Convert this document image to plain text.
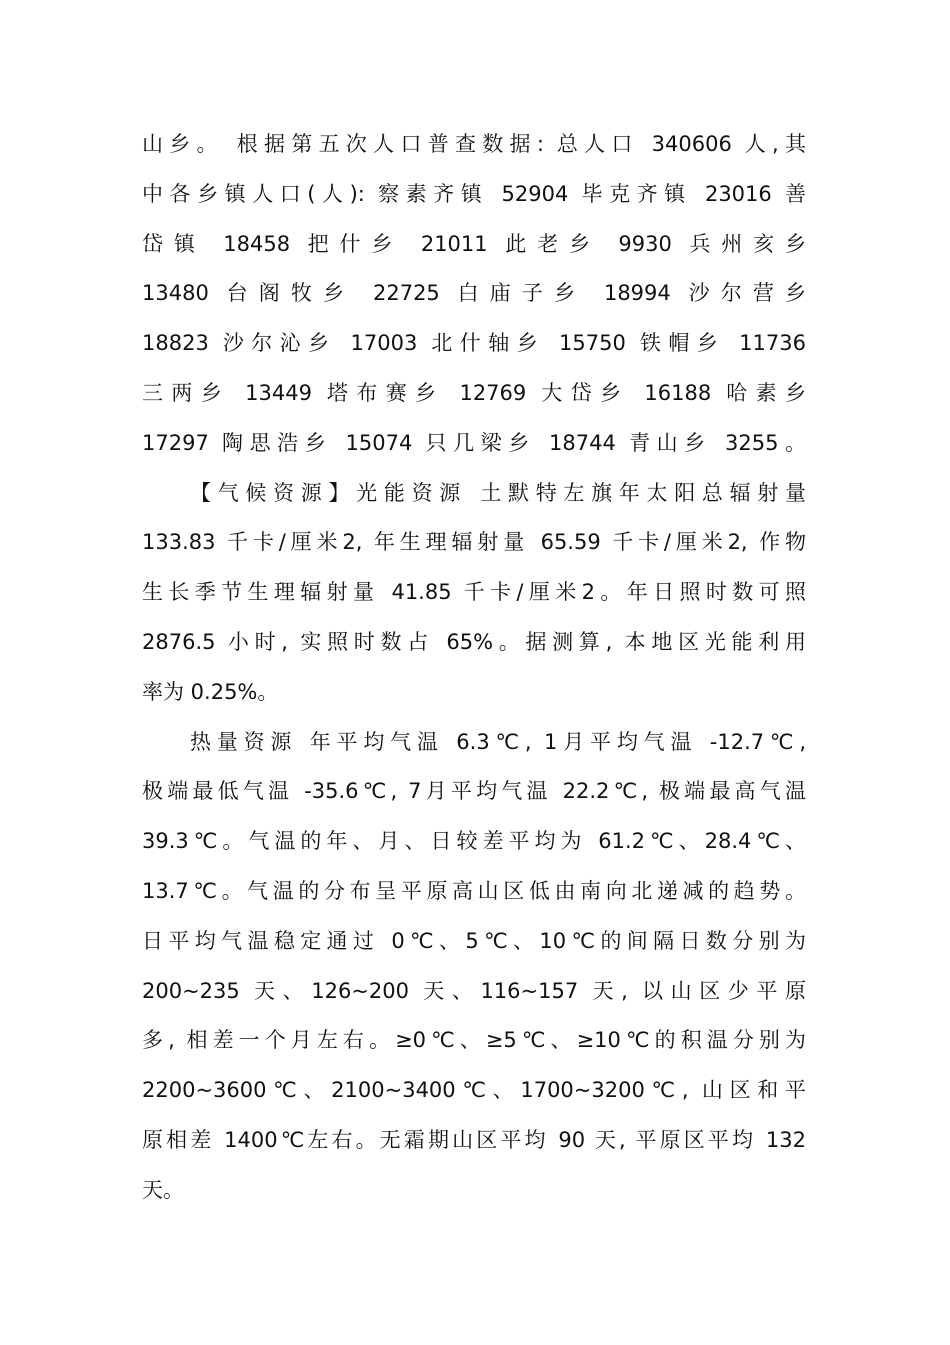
山乡。 根据第五次人口普查数据: 总人口 340606 人,其
中各乡镇人口(人): 察素齐镇 52904 毕克齐镇 23016 善
岱镇 18458 把什乡 21011 此老乡 9930 兵州亥乡
13480 台阁牧乡 22725 白庙子乡 18994 沙尔营乡
18823 沙尔沁乡 17003 北什轴乡 15750 铁帽乡 11736
三两乡 13449 塔布赛乡 12769 大岱乡 16188 哈素乡
17297 陶思浩乡 15074 只几梁乡 18744 青山乡 3255。
【气候资源】光能资源 土默特左旗年太阳总辐射量
133.83 千卡/厘米2, 年生理辐射量 65.59 千卡/厘米2, 作物
生长季节生理辐射量 41.85 千卡/厘米2。年日照时数可照
2876.5 小时, 实照时数占 65%。据测算, 本地区光能利用
率为 0.25%。
热量资源 年平均气温 6.3℃, 1月平均气温 -12.7℃,
极端最低气温 -35.6℃, 7月平均气温 22.2℃, 极端最高气温
39.3℃。气温的年、月、日较差平均为 61.2℃、28.4℃、
13.7℃。气温的分布呈平原高山区低由南向北递减的趋势。
日平均气温稳定通过 0℃、5℃、10℃的间隔日数分别为
200~235 天、126~200 天、116~157 天, 以山区少平原
多, 相差一个月左右。≥0℃、≥5℃、≥10℃的积温分别为
2200~3600℃、2100~3400℃、1700~3200℃, 山区和平
原相差 1400℃左右。无霜期山区平均 90 天, 平原区平均 132
天。
